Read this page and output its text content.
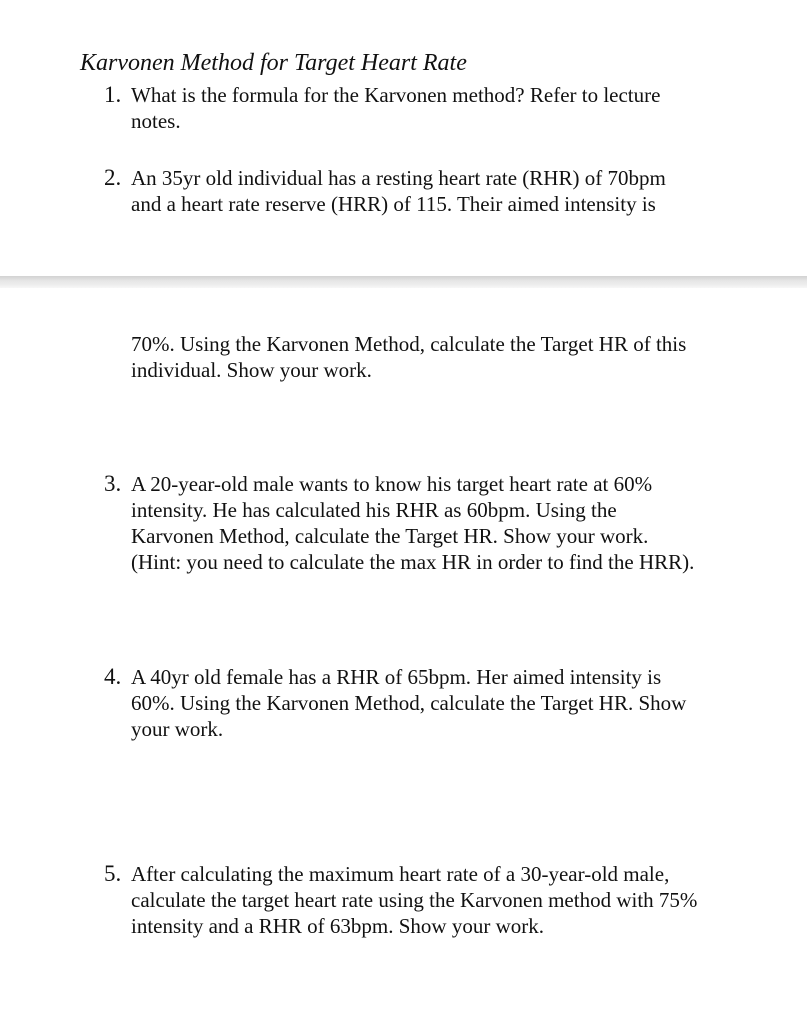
Karvonen Method for Target Heart Rate
1. What is the formula for the Karvonen method? Refer to lecture
notes.
2. An 35yr old individual has a resting heart rate (RHR) of 70bpm
and a heart rate reserve (HRR) of 115. Their aimed intensity is
70%. Using the Karvonen Method, calculate the Target HR of this
individual. Show your work.
3. A 20-year-old male wants to know his target heart rate at 60%
intensity. He has calculated his RHR as 60bpm. Using the
Karvonen Method, calculate the Target HR. Show your work.
(Hint: you need to calculate the max HR in order to find the HRR).
4. A 40yr old female has a RHR of 65bpm. Her aimed intensity is
60%. Using the Karvonen Method, calculate the Target HR. Show
your work.
5. After calculating the maximum heart rate of a 30-year-old male,
calculate the target heart rate using the Karvonen method with 75%
intensity and a RHR of 63bpm. Show your work.
